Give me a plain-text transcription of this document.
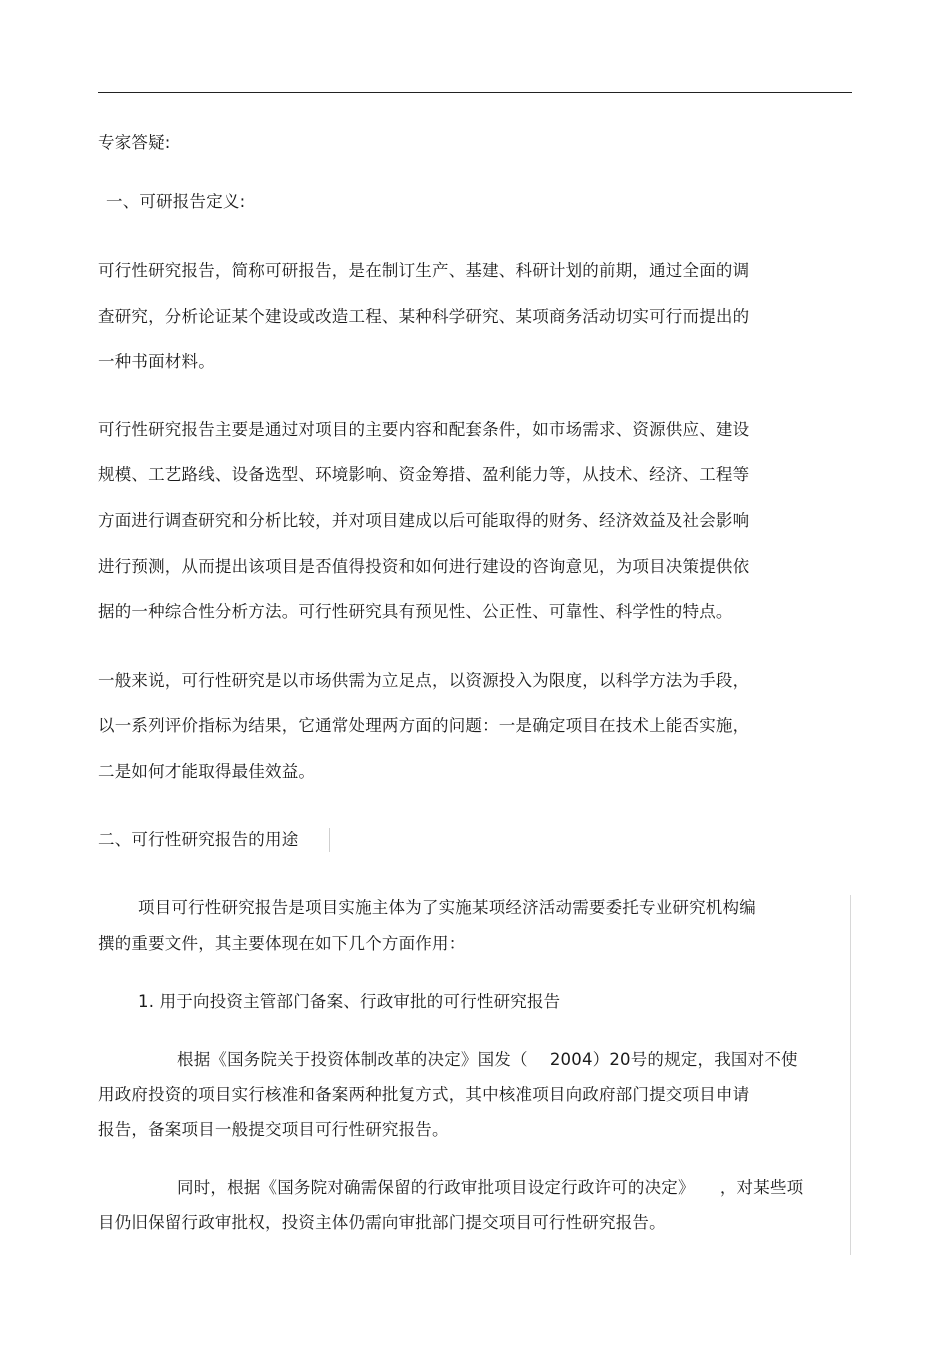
专家答疑:
一、可研报告定义:
可行性研究报告，简称可研报告，是在制订生产、基建、科研计划的前期，通过全面的调
查研究，分析论证某个建设或改造工程、某种科学研究、某项商务活动切实可行而提出的
一种书面材料。
可行性研究报告主要是通过对项目的主要内容和配套条件，如市场需求、资源供应、建设
规模、工艺路线、设备选型、环境影响、资金筹措、盈利能力等，从技术、经济、工程等
方面进行调查研究和分析比较，并对项目建成以后可能取得的财务、经济效益及社会影响
进行预测，从而提出该项目是否值得投资和如何进行建设的咨询意见，为项目决策提供依
据的一种综合性分析方法。可行性研究具有预见性、公正性、可靠性、科学性的特点。
一般来说，可行性研究是以市场供需为立足点，以资源投入为限度，以科学方法为手段，
以一系列评价指标为结果，它通常处理两方面的问题：一是确定项目在技术上能否实施，
二是如何才能取得最佳效益。
二、可行性研究报告的用途
项目可行性研究报告是项目实施主体为了实施某项经济活动需要委托专业研究机构编
撰的重要文件，其主要体现在如下几个方面作用：
1. 用于向投资主管部门备案、行政审批的可行性研究报告
根据《国务院关于投资体制改革的决定》国发（　 2004）20号的规定，我国对不使
用政府投资的项目实行核准和备案两种批复方式，其中核准项目向政府部门提交项目申请
报告，备案项目一般提交项目可行性研究报告。
同时，根据《国务院对确需保留的行政审批项目设定行政许可的决定》　　，对某些项
目仍旧保留行政审批权，投资主体仍需向审批部门提交项目可行性研究报告。
